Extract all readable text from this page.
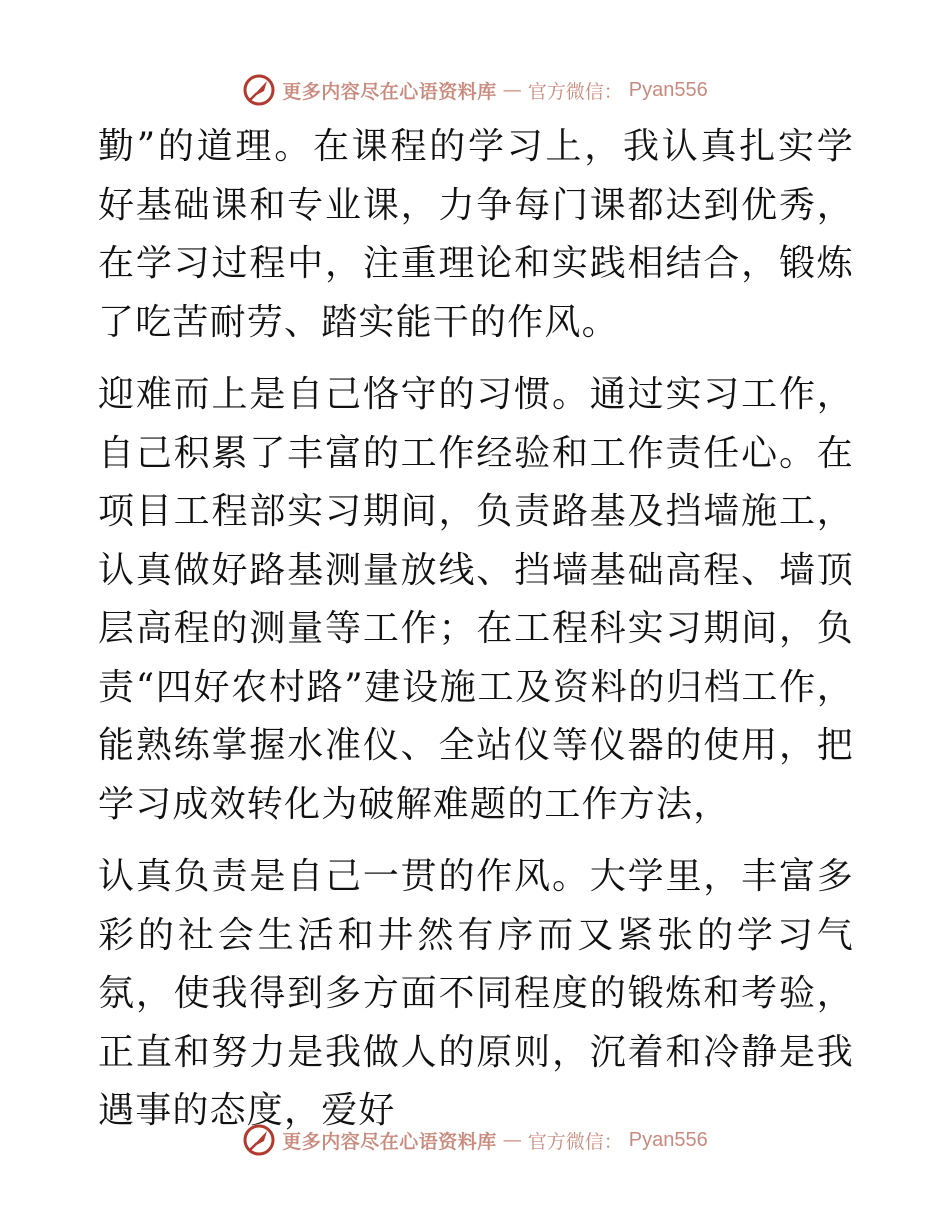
更多内容尽在心语资料库 — 官方微信： Pyan556

勤”的道理。在课程的学习上，我认真扎实学好基础课和专业课，力争每门课都达到优秀，在学习过程中，注重理论和实践相结合，锻炼了吃苦耐劳、踏实能干的作风。

迎难而上是自己恪守的习惯。通过实习工作，自己积累了丰富的工作经验和工作责任心。在项目工程部实习期间，负责路基及挡墙施工，认真做好路基测量放线、挡墙基础高程、墙顶层高程的测量等工作；在工程科实习期间，负责“四好农村路”建设施工及资料的归档工作，能熟练掌握水准仪、全站仪等仪器的使用，把学习成效转化为破解难题的工作方法，

认真负责是自己一贯的作风。大学里，丰富多彩的社会生活和井然有序而又紧张的学习气氛，使我得到多方面不同程度的锻炼和考验，正直和努力是我做人的原则，沉着和冷静是我遇事的态度，爱好

更多内容尽在心语资料库 — 官方微信： Pyan556
